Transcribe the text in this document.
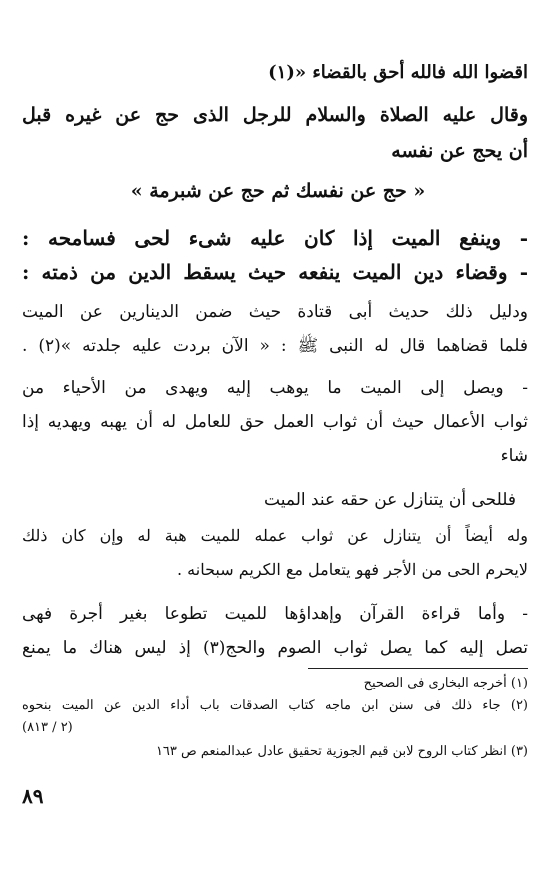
اقضوا الله فالله أحق بالقضاء «(١)
وقال عليه الصلاة والسلام للرجل الذى حج عن غيره قبل
أن يحج عن نفسه
« حج عن نفسك ثم حج عن شبرمة »
- وينفع الميت إذا كان عليه شىء لحى فسامحه :
- وقضاء دين الميت ينفعه حيث يسقط الدين من ذمته :
ودليل ذلك حديث أبى قتادة حيث ضمن الدينارين عن الميت
فلما قضاهما قال له النبى ﷺ : « الآن بردت عليه جلدته »(٢) .
- ويصل إلى الميت ما يوهب إليه ويهدى من الأحياء من
ثواب الأعمال حيث أن ثواب العمل حق للعامل له أن يهبه ويهديه إذا
شاء
فللحى أن يتنازل عن حقه عند الميت
وله أيضاً أن يتنازل عن ثواب عمله للميت هبة له وإن كان ذلك
لايحرم الحى من الأجر فهو يتعامل مع الكريم سبحانه .
- وأما قراءة القرآن وإهداؤها للميت تطوعا بغير أجرة فهى
تصل إليه كما يصل ثواب الصوم والحج(٣) إذ ليس هناك ما يمنع
(١) أخرجه البخارى فى الصحيح
(٢) جاء ذلك فى سنن ابن ماجه كتاب الصدقات باب أداء الدين عن الميت بنحوه
(٢ / ٨١٣)
(٣) انظر كتاب الروح لابن قيم الجوزية تحقيق عادل عبدالمنعم ص ١٦٣
٨٩
